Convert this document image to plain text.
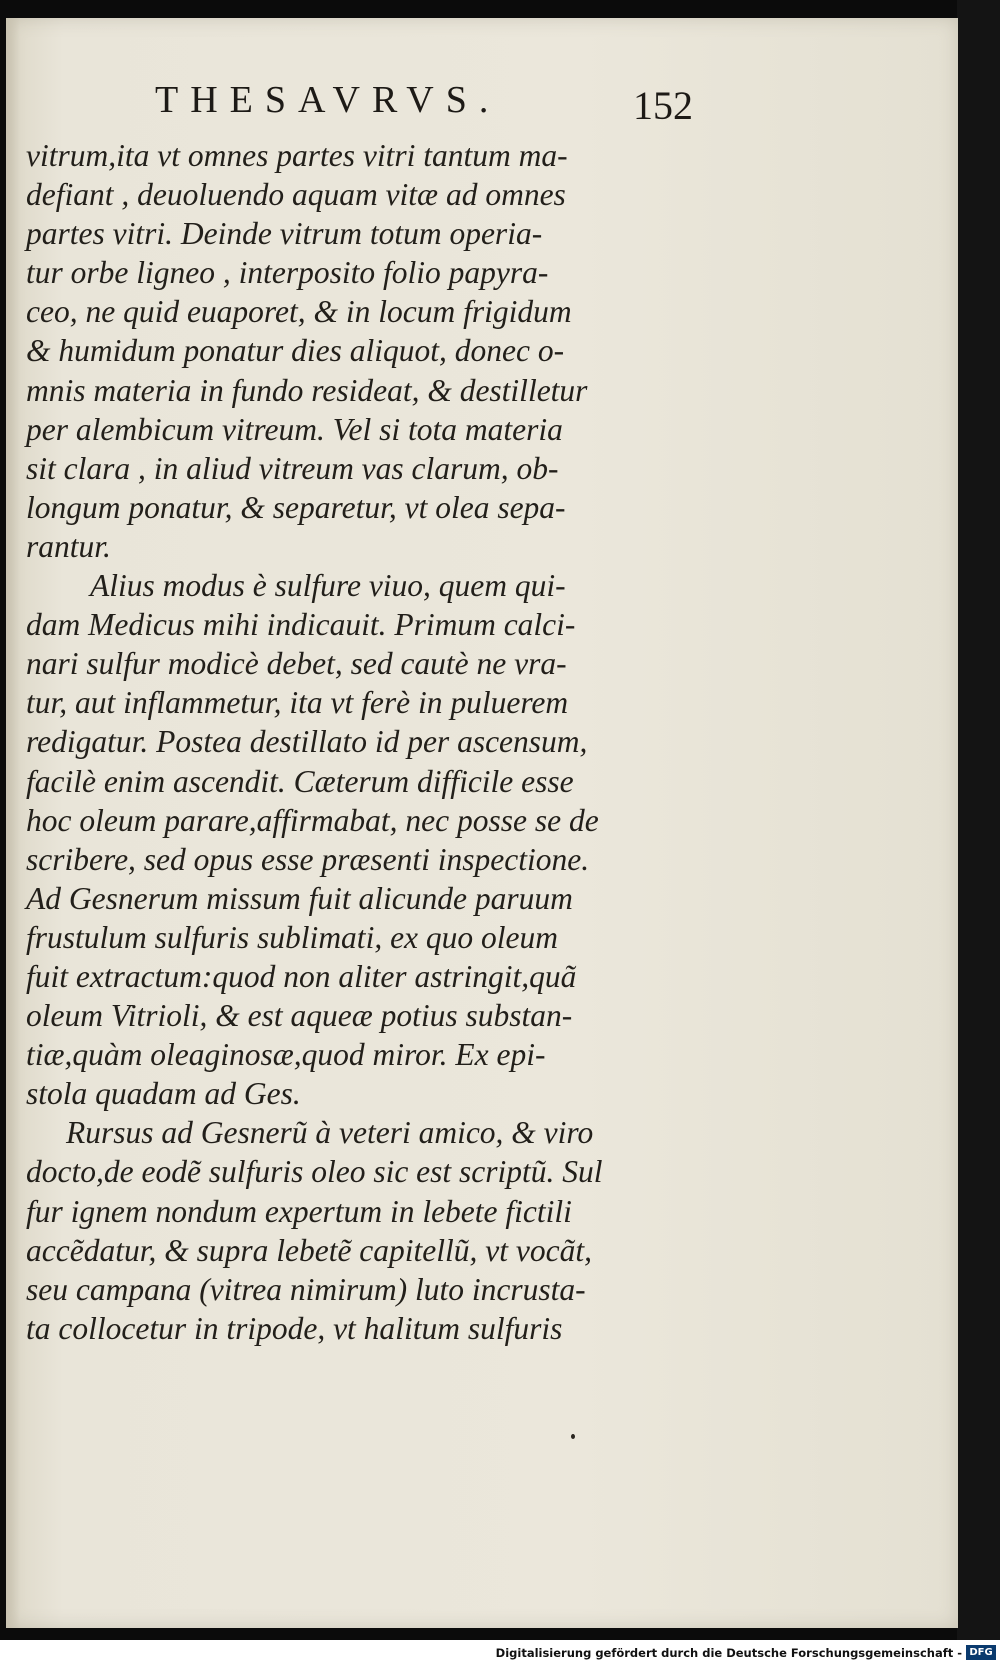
THESAVRVS.	152
vitrum,ita vt omnes partes vitri tantum ma-
defiant , deuoluendo aquam vitæ ad omnes
partes vitri. Deinde vitrum totum operia-
tur orbe ligneo , interposito folio papyra-
ceo, ne quid euaporet, & in locum frigidum
& humidum ponatur dies aliquot, donec o-
mnis materia in fundo resideat, & destilletur
per alembicum vitreum. Vel si tota materia
sit clara , in aliud vitreum vas clarum, ob-
longum ponatur, & separetur, vt olea sepa-
rantur.
Alius modus è sulfure viuo, quem qui-
dam Medicus mihi indicauit. Primum calci-
nari sulfur modicè debet, sed cautè ne vra-
tur, aut inflammetur, ita vt ferè in puluerem
redigatur. Postea destillato id per ascensum,
facilè enim ascendit. Cæterum difficile esse
hoc oleum parare,affirmabat, nec posse se de
scribere, sed opus esse præsenti inspectione.
Ad Gesnerum missum fuit alicunde paruum
frustulum sulfuris sublimati, ex quo oleum
fuit extractum:quod non aliter astringit,quã
oleum Vitrioli, & est aqueæ potius substan-
tiæ,quàm oleaginosæ,quod miror. Ex epi-
stola quadam ad Ges.
Rursus ad Gesnerũ à veteri amico, & viro
docto,de eodẽ sulfuris oleo sic est scriptũ. Sul
fur ignem nondum expertum in lebete fictili
accẽdatur, & supra lebetẽ capitellũ, vt vocãt,
seu campana (vitrea nimirum) luto incrusta-
ta collocetur in tripode, vt halitum sulfuris
Digitalisierung gefördert durch die Deutsche Forschungsgemeinschaft - DFG
